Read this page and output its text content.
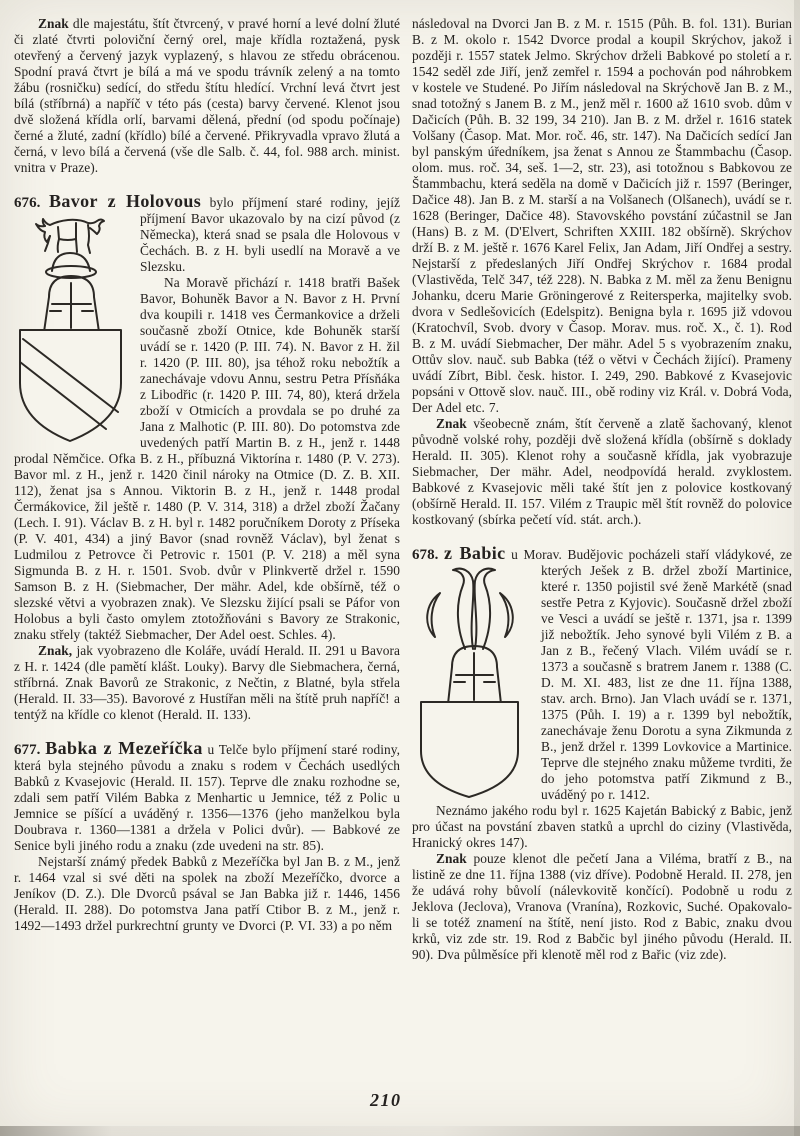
Znak dle majestátu, štít čtvrcený, v pravé horní a levé dolní žluté či zlaté čtvrti poloviční černý orel, maje křídla roztažená, pysk otevřený a červený jazyk vyplazený, s hlavou ze středu obrácenou. Spodní pravá čtvrt je bílá a má ve spodu trávník zelený a na tomto žábu (rosničku) sedící, do středu štítu hledící. Vrchní levá čtvrt jest bílá (stříbrná) a napříč v této pás (cesta) barvy červené. Klenot jsou dvě složená křídla orlí, barvami dělená, přední (od spodu počínaje) černé a žluté, zadní (křídlo) bílé a červené. Přikryvadla vpravo žlutá a černá, v levo bílá a červená (vše dle Salb. č. 44, fol. 988 arch. minist. vnitra v Praze).

676. Bavor z Holovous bylo příjmení staré rodiny, jejíž příjmení Bavor ukazovalo by na cizí původ (z Německa), která snad se psala dle Holovous v Čechách. B. z H. byli usedlí na Moravě a ve Slezsku.

Na Moravě přichází r. 1418 bratři Bašek Bavor, Bohuněk Bavor a N. Bavor z H. První dva koupili r. 1418 ves Čermankovice a drželi současně zboží Otnice, kde Bohuněk starší uvádí se r. 1420 (P. III. 74). N. Bavor z H. žil r. 1420 (P. III. 80), jsa téhož roku nebožtík a zanechávaje vdovu Annu, sestru Petra Přísňáka z Libodřic (r. 1420 P. III. 74, 80), která držela zboží v Otmicích a provdala se po druhé za Jana z Malhotic (P. III. 80). Do potomstva zde uvedených patří Martin B. z H., jenž r. 1448 prodal Němčice. Ofka B. z H., příbuzná Viktorína r. 1480 (P. V. 273). Bavor ml. z H., jenž r. 1420 činil nároky na Otmice (D. Z. B. XII. 112), ženat jsa s Annou. Viktorin B. z H., jenž r. 1448 prodal Čermákovice, žil ještě r. 1480 (P. V. 314, 318) a držel zboží Žačany (Lech. I. 91). Václav B. z H. byl r. 1482 poručníkem Doroty z Příseka (P. V. 401, 434) a jiný Bavor (snad rovněž Václav), byl ženat s Ludmilou z Petrovce či Petrovic r. 1501 (P. V. 218) a měl syna Sigmunda B. z H. r. 1501. Svob. dvůr v Plinkvertě držel r. 1590 Samson B. z H. (Siebmacher, Der mähr. Adel, kde obšírně, též o slezské větvi a vyobrazen znak). Ve Slezsku žijící psali se Páfor von Holobus a byli často omylem ztotožňováni s Bavory ze Strakonic, znaku střely (taktéž Siebmacher, Der Adel oest. Schles. 4).

Znak, jak vyobrazeno dle Koláře, uvádí Herald. II. 291 u Bavora z H. r. 1424 (dle pamětí klášt. Louky). Barvy dle Siebmachera, černá, stříbrná. Znak Bavorů ze Strakonic, z Nečtin, z Blatné, byla střela (Herald. II. 33—35). Bavorové z Hustířan měli na štítě pruh napříč! a tentýž na křídle co klenot (Herald. II. 133).

677. Babka z Mezeříčka u Telče bylo příjmení staré rodiny, která byla stejného původu a znaku s rodem v Čechách usedlých Babků z Kvasejovic (Herald. II. 157). Teprve dle znaku rozhodne se, zdali sem patří Vilém Babka z Menhartic u Jemnice, též z Polic u Jemnice se píšící a uváděný r. 1356—1376 (jeho manželkou byla Doubrava r. 1360—1381 a držela v Polici dvůr). — Babkové ze Senice byli jiného rodu a znaku (zde uvedeni na str. 85).

Nejstarší známý předek Babků z Mezeříčka byl Jan B. z M., jenž r. 1464 vzal si své děti na spolek na zboží Mezeříčko, dvorce a Jeníkov (D. Z.). Dle Dvorců psával se Jan Babka již r. 1446, 1456 (Herald. II. 288). Do potomstva Jana patří Ctibor B. z M., jenž r. 1492—1493 držel purkrechtní grunty ve Dvorci (P. VI. 33) a po něm

následoval na Dvorci Jan B. z M. r. 1515 (Půh. B. fol. 131). Burian B. z M. okolo r. 1542 Dvorce prodal a koupil Skrýchov, jakož i později r. 1557 statek Jelmo. Skrýchov drželi Babkové po století a r. 1542 seděl zde Jiří, jenž zemřel r. 1594 a pochován pod náhrobkem v kostele ve Studené. Po Jiřím následoval na Skrýchově Jan B. z M., snad totožný s Janem B. z M., jenž měl r. 1600 až 1610 svob. dům v Dačicích (Půh. B. 32 199, 34 210). Jan B. z M. držel r. 1616 statek Volšany (Časop. Mat. Mor. roč. 46, str. 147). Na Dačicích sedící Jan byl panským úředníkem, jsa ženat s Annou ze Štammbachu (Časop. olom. mus. roč. 34, seš. 1—2, str. 23), asi totožnou s Babkovou ze Štammbachu, která seděla na domě v Dačicích již r. 1597 (Beringer, Dačice 48). Jan B. z M. starší a na Volšanech (Olšanech), uvádí se r. 1628 (Beringer, Dačice 48). Stavovského povstání zúčastnil se Jan (Hans) B. z M. (D'Elvert, Schriften XXIII. 182 obšírně). Skrýchov drží B. z M. ještě r. 1676 Karel Felix, Jan Adam, Jiří Ondřej a sestry. Nejstarší z předeslaných Jiří Ondřej Skrýchov r. 1684 prodal (Vlastivěda, Telč 347, též 228). N. Babka z M. měl za ženu Benignu Johanku, dceru Marie Gröningerové z Reitersperka, majitelky svob. dvora v Sedlešovicích (Edelspitz). Benigna byla r. 1695 již vdovou (Kratochvíl, Svob. dvory v Časop. Morav. mus. roč. X., č. 1). Rod B. z M. uvádí Siebmacher, Der mähr. Adel 5 s vyobrazením znaku, Ottův slov. nauč. sub Babka (též o větvi v Čechách žijící). Prameny uvádí Zíbrt, Bibl. česk. histor. I. 249, 290. Babkové z Kvasejovic popsáni v Ottově slov. nauč. III., obě rodiny viz Král. v. Dobrá Voda, Der Adel etc. 7.

Znak všeobecně znám, štít červeně a zlatě šachovaný, klenot původně volské rohy, později dvě složená křídla (obšírně s doklady Herald. II. 305). Klenot rohy a současně křídla, jak vyobrazuje Siebmacher, Der mähr. Adel, neodpovídá herald. zvyklostem. Babkové z Kvasejovic měli také štít jen z polovice kostkovaný (obšírně Herald. II. 157. Vilém z Traupic měl štít rovněž do polovice kostkovaný (sbírka pečetí víd. stát. arch.).

678. z Babic u Morav. Budějovic pocházeli staří vládykové, ze kterých Ješek z B. držel zboží Martinice, které r. 1350 pojistil své ženě Markétě (snad sestře Petra z Kyjovic). Současně držel zboží ve Vesci a uvádí se ještě r. 1371, jsa r. 1399 již nebožtík. Jeho synové byli Vilém z B. a Jan z B., řečený Vlach. Vilém uvádí se r. 1373 a současně s bratrem Janem r. 1388 (C. D. M. XI. 483, list ze dne 11. října 1388, stav. arch. Brno). Jan Vlach uvádí se r. 1371, 1375 (Půh. I. 19) a r. 1399 byl nebožtík, zanechávaje ženu Dorotu a syna Zikmunda z B., jenž držel r. 1399 Lovkovice a Martinice. Teprve dle stejného znaku můžeme tvrditi, že do jeho potomstva patří Zikmund z B., uváděný po r. 1412.

Neznámo jakého rodu byl r. 1625 Kajetán Babický z Babic, jenž pro účast na povstání zbaven statků a uprchl do ciziny (Vlastivěda, Hranický okres 147).

Znak pouze klenot dle pečetí Jana a Viléma, bratří z B., na listině ze dne 11. října 1388 (viz dříve). Podobně Herald. II. 278, jen že udává rohy bůvolí (nálevkovitě končící). Podobně u rodu z Jeklova (Jeclova), Vranova (Vranína), Rozkovic, Suché. Opakovalo-li se totéž znamení na štítě, není jisto. Rod z Babic, znaku dvou krků, viz zde str. 19. Rod z Babčic byl jiného původu (Herald. II. 90). Dva půlměsíce při klenotě měl rod z Bařic (viz zde).

210
